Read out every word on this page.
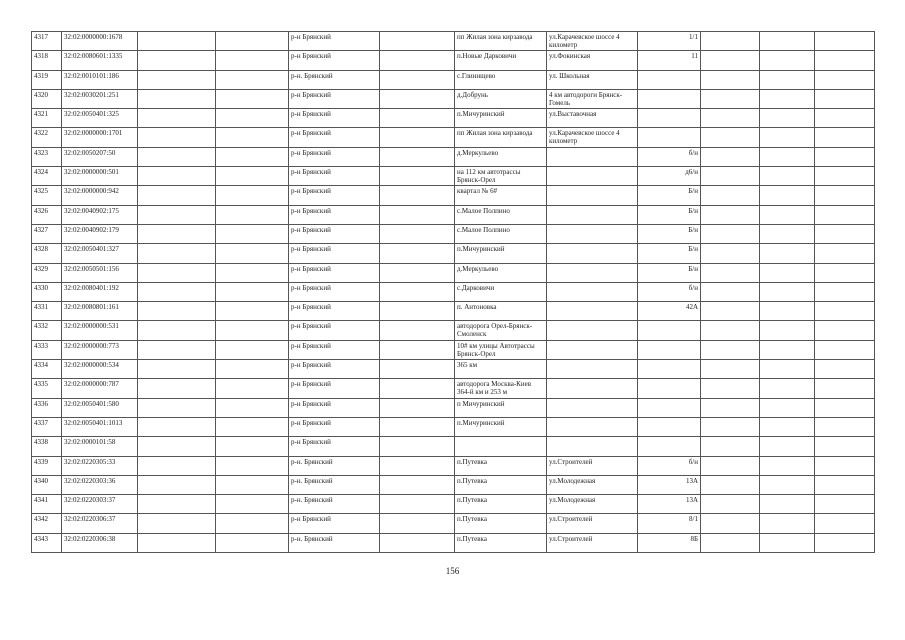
4317	32:02:0000000:1678			р-н Брянский		пп Жилая зона кирзавода	ул.Карачевское шоссе 4 километр	1/1			
4318	32:02:0080601:1335			р-н Брянский		п.Новые Дарковичи	ул.Фокинская	11			
4319	32:02:0010101:186			р-н. Брянский		с.Глинищево	ул. Школьная				
4320	32:02:0030201:251			р-н Брянский		д.Добрунь	4 км автодороги Брянск-Гомель				
4321	32:02:0050401:325			р-н Брянский		п.Мичуринский	ул.Выставочная				
4322	32:02:0000000:1701			р-н Брянский		пп Жилая зона кирзавода	ул.Карачевское шоссе 4 километр				
4323	32:02:0050207:50			р-н Брянский		д.Меркульево		б/н			
4324	32:02:0000000:501			р-н Брянский		на 112 км автотрассы Брянск-Орел		д6/н			
4325	32:02:0000000:942			р-н Брянский		квартал № 6#		Б/н			
4326	32:02:0040902:175			р-н Брянский		с.Малое Полпино		Б/н			
4327	32:02:0040902:179			р-н Брянский		с.Малое Полпино		Б/н			
4328	32:02:0050401:327			р-н Брянский		п.Мичуринский		Б/н			
4329	32:02:0050501:156			р-н Брянский		д.Меркульево		Б/н			
4330	32:02:0080401:192			р-н Брянский		с.Дарковичи		б/н			
4331	32:02:0080801:161			р-н Брянский		п. Антоновка		42А			
4332	32:02:0000000:531			р-н Брянский		автодорога Орел-Брянск-Смоленск					
4333	32:02:0000000:773			р-н Брянский		10# км улицы Автотрассы Брянск-Орел					
4334	32:02:0000000:534			р-н Брянский		365 км					
4335	32:02:0000000:787			р-н Брянский		автодорога Москва-Киев 364-й км и 253 м					
4336	32:02:0050401:580			р-н Брянский		п Мичуринский					
4337	32:02:0050401:1013			р-н Брянский		п.Мичуринский					
4338	32:02:0000101:58			р-н Брянский							
4339	32:02:0220305:33			р-н. Брянский		п.Путевка	ул.Строителей	б/н			
4340	32:02:0220303:36			р-н. Брянский		п.Путевка	ул.Молодежная	13А			
4341	32:02:0220303:37			р-н. Брянский		п.Путевка	ул.Молодежная	13А			
4342	32:02:0220306:37			р-н Брянский		п.Путевка	ул.Строителей	8/1			
4343	32:02:0220306:38			р-н. Брянский		п.Путевка	ул.Строителей	8Б			
156
